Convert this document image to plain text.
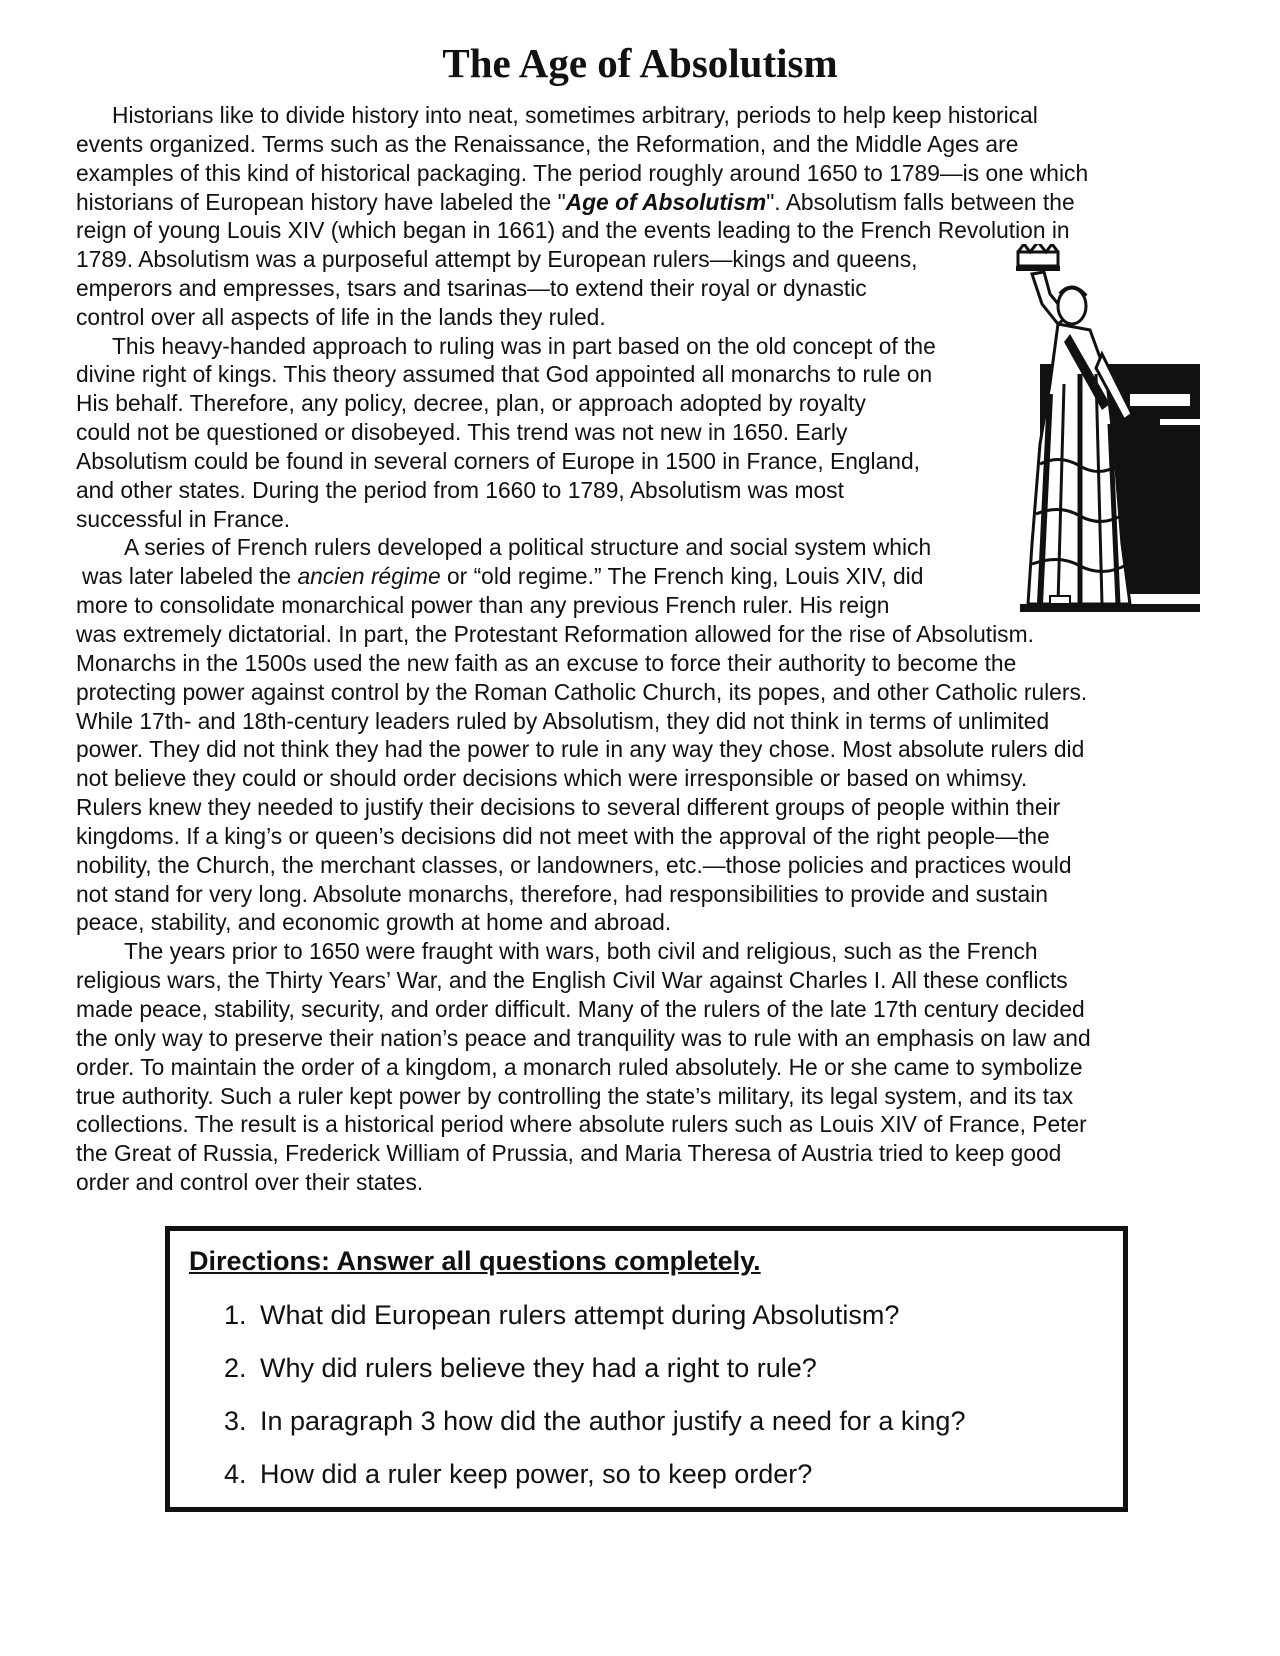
The Age of Absolutism
Historians like to divide history into neat, sometimes arbitrary, periods to help keep historical
events organized. Terms such as the Renaissance, the Reformation, and the Middle Ages are
examples of this kind of historical packaging. The period roughly around 1650 to 1789—is one which
historians of European history have labeled the "Age of Absolutism". Absolutism falls between the
reign of young Louis XIV (which began in 1661) and the events leading to the French Revolution in
1789. Absolutism was a purposeful attempt by European rulers—kings and queens,
emperors and empresses, tsars and tsarinas—to extend their royal or dynastic
control over all aspects of life in the lands they ruled.
This heavy-handed approach to ruling was in part based on the old concept of the
divine right of kings. This theory assumed that God appointed all monarchs to rule on
His behalf. Therefore, any policy, decree, plan, or approach adopted by royalty
could not be questioned or disobeyed. This trend was not new in 1650. Early
Absolutism could be found in several corners of Europe in 1500 in France, England,
and other states. During the period from 1660 to 1789, Absolutism was most
successful in France.
A series of French rulers developed a political structure and social system which
was later labeled the ancien régime or “old regime.” The French king, Louis XIV, did
more to consolidate monarchical power than any previous French ruler. His reign
was extremely dictatorial. In part, the Protestant Reformation allowed for the rise of Absolutism.
Monarchs in the 1500s used the new faith as an excuse to force their authority to become the
protecting power against control by the Roman Catholic Church, its popes, and other Catholic rulers.
While 17th- and 18th-century leaders ruled by Absolutism, they did not think in terms of unlimited
power. They did not think they had the power to rule in any way they chose. Most absolute rulers did
not believe they could or should order decisions which were irresponsible or based on whimsy.
Rulers knew they needed to justify their decisions to several different groups of people within their
kingdoms. If a king’s or queen’s decisions did not meet with the approval of the right people—the
nobility, the Church, the merchant classes, or landowners, etc.—those policies and practices would
not stand for very long. Absolute monarchs, therefore, had responsibilities to provide and sustain
peace, stability, and economic growth at home and abroad.
The years prior to 1650 were fraught with wars, both civil and religious, such as the French
religious wars, the Thirty Years’ War, and the English Civil War against Charles I. All these conflicts
made peace, stability, security, and order difficult. Many of the rulers of the late 17th century decided
the only way to preserve their nation’s peace and tranquility was to rule with an emphasis on law and
order. To maintain the order of a kingdom, a monarch ruled absolutely. He or she came to symbolize
true authority. Such a ruler kept power by controlling the state’s military, its legal system, and its tax
collections. The result is a historical period where absolute rulers such as Louis XIV of France, Peter
the Great of Russia, Frederick William of Prussia, and Maria Theresa of Austria tried to keep good
order and control over their states.

Directions: Answer all questions completely.

1. What did European rulers attempt during Absolutism?
2. Why did rulers believe they had a right to rule?
3. In paragraph 3 how did the author justify a need for a king?
4. How did a ruler keep power, so to keep order?
